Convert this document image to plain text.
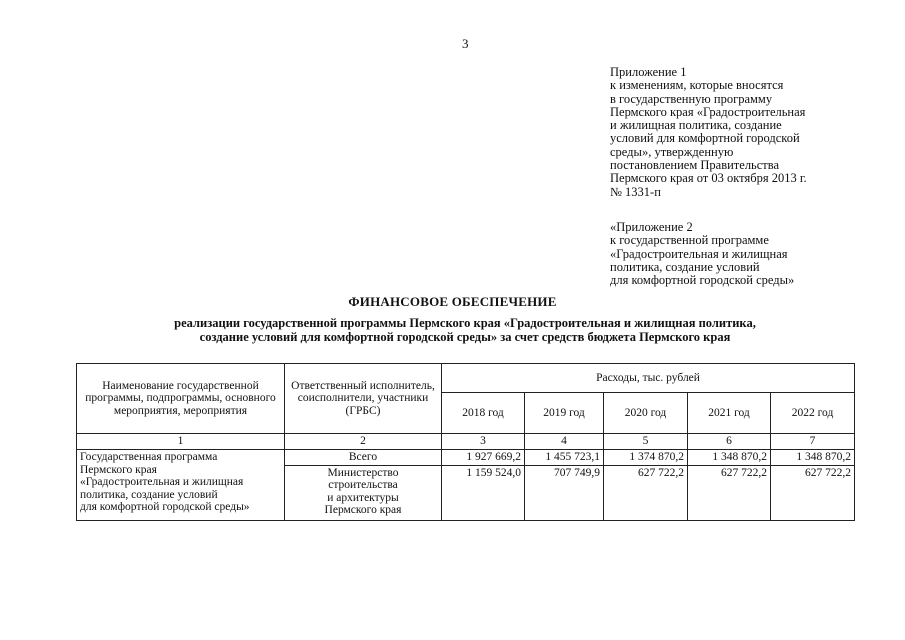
3
Приложение 1
к изменениям, которые вносятся
в государственную программу
Пермского края «Градостроительная
и жилищная политика, создание
условий для комфортной городской
среды», утвержденную
постановлением Правительства
Пермского края от 03 октября 2013 г.
№ 1331-п
«Приложение 2
к государственной программе
«Градостроительная и жилищная
политика, создание условий
для комфортной городской среды»
ФИНАНСОВОЕ ОБЕСПЕЧЕНИЕ
реализации государственной программы Пермского края «Градостроительная и жилищная политика,
создание условий для комфортной городской среды» за счет средств бюджета Пермского края
Наименование государственной программы, подпрограммы, основного мероприятия, мероприятия	Ответственный исполнитель, соисполнители, участники (ГРБС)	Расходы, тыс. рублей				
		2018 год	2019 год	2020 год	2021 год	2022 год
1	2	3	4	5	6	7
Государственная программа
Пермского края
«Градостроительная и жилищная
политика, создание условий
для комфортной городской среды»	Всего	1 927 669,2	1 455 723,1	1 374 870,2	1 348 870,2	1 348 870,2
	Министерство
строительства
и архитектуры
Пермского края	1 159 524,0	707 749,9	627 722,2	627 722,2	627 722,2
